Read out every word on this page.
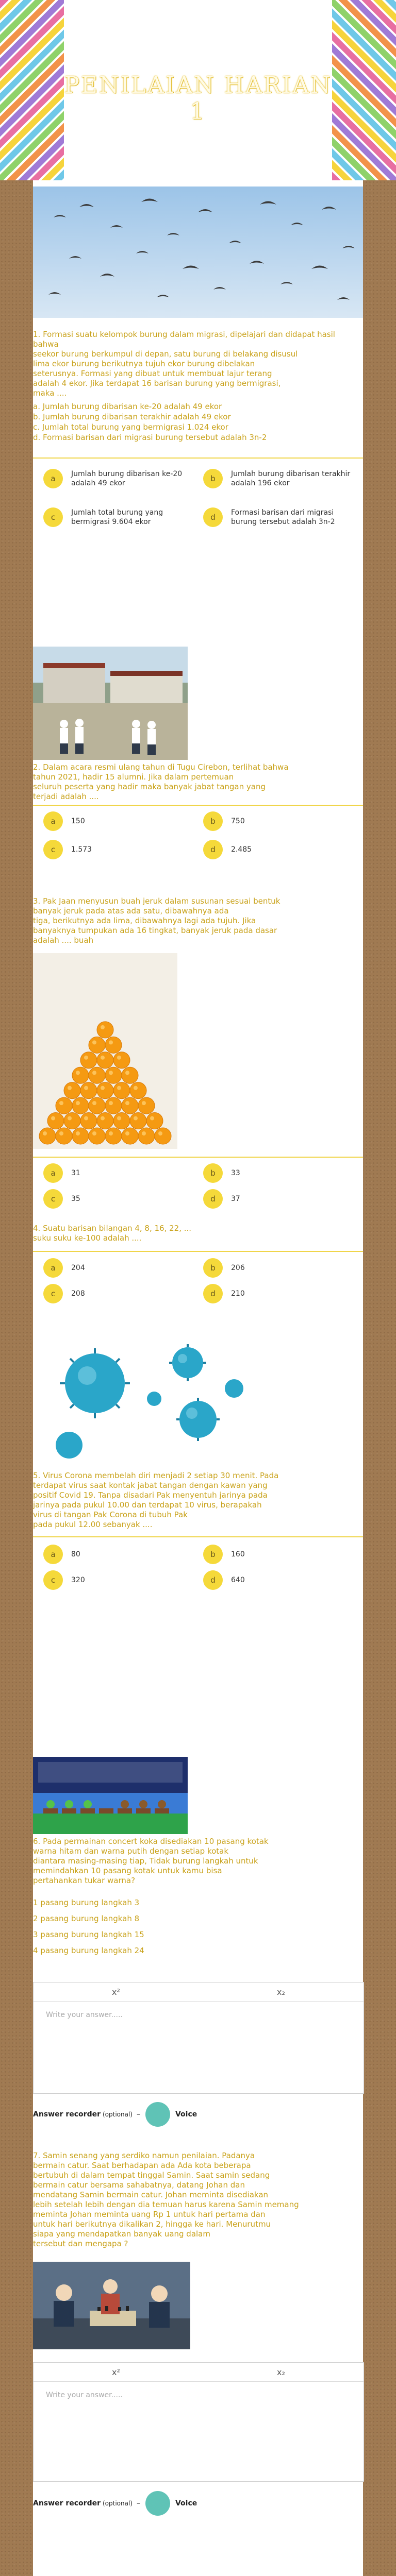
PENILAIAN HARIAN 1
1. Formasi suatu kelompok burung dalam migrasi, dipelajari dan didapat hasil bahwa
seekor burung berkumpul di depan, satu burung di belakang disusul
lima ekor burung berikutnya tujuh ekor burung dibelakan
seterusnya. Formasi yang dibuat untuk membuat lajur terang
adalah 4 ekor. Jika terdapat 16 barisan burung yang bermigrasi,
maka ....
a. Jumlah burung dibarisan ke-20 adalah 49 ekor
b. Jumlah burung dibarisan terakhir adalah 49 ekor
c. Jumlah total burung yang bermigrasi 1.024 ekor
d. Formasi barisan dari migrasi burung tersebut adalah 3n-2
a	Jumlah burung dibarisan ke-20 adalah 49 ekor	b	Jumlah burung dibarisan terakhir adalah 196 ekor
c	Jumlah total burung yang bermigrasi 9.604 ekor	d	Formasi barisan dari migrasi burung tersebut adalah 3n-2
2. Dalam acara resmi ulang tahun di Tugu Cirebon, terlihat bahwa
tahun 2021, hadir 15 alumni. Jika dalam pertemuan
seluruh peserta yang hadir maka banyak jabat tangan yang
terjadi adalah ....
a	150	b	750
c	1.573	d	2.485
3. Pak Jaan menyusun buah jeruk dalam susunan sesuai bentuk
banyak jeruk pada atas ada satu, dibawahnya ada
tiga, berikutnya ada lima, dibawahnya lagi ada tujuh. Jika
banyaknya tumpukan ada 16 tingkat, banyak jeruk pada dasar
adalah .... buah
a	31	b	33
c	35	d	37
4. Suatu barisan bilangan 4, 8, 16, 22, ...
suku suku ke-100 adalah ....
a	204	b	206
c	208	d	210
5. Virus Corona membelah diri menjadi 2 setiap 30 menit. Pada
terdapat virus saat kontak jabat tangan dengan kawan yang
positif Covid 19. Tanpa disadari Pak menyentuh jarinya pada
jarinya pada pukul 10.00 dan terdapat 10 virus, berapakah
virus di tangan Pak Corona di tubuh Pak
pada pukul 12.00 sebanyak ....
a	80	b	160
c	320	d	640
6. Pada permainan concert koka disediakan 10 pasang kotak
warna hitam dan warna putih dengan setiap kotak
diantara masing-masing tiap, Tidak burung langkah untuk
memindahkan 10 pasang kotak untuk kamu bisa
pertahankan tukar warna?
1 pasang burung langkah 3
2 pasang burung langkah 8
3 pasang burung langkah 15
4 pasang burung langkah 24
x²	x₂
Write your answer.....
Answer recorder (optional) –	Voice
7. Samin senang yang serdiko namun penilaian. Padanya
bermain catur. Saat berhadapan ada Ada kota beberapa
bertubuh di dalam tempat tinggal Samin. Saat samin sedang
bermain catur bersama sahabatnya, datang Johan dan
mendatang Samin bermain catur. Johan meminta disediakan
lebih setelah lebih dengan dia temuan harus karena Samin memang
meminta Johan meminta uang Rp 1 untuk hari pertama dan
untuk hari berikutnya dikalikan 2, hingga ke hari. Menurutmu
siapa yang mendapatkan banyak uang dalam
tersebut dan mengapa ?
x²	x₂
Write your answer.....
Answer recorder (optional) –	Voice
